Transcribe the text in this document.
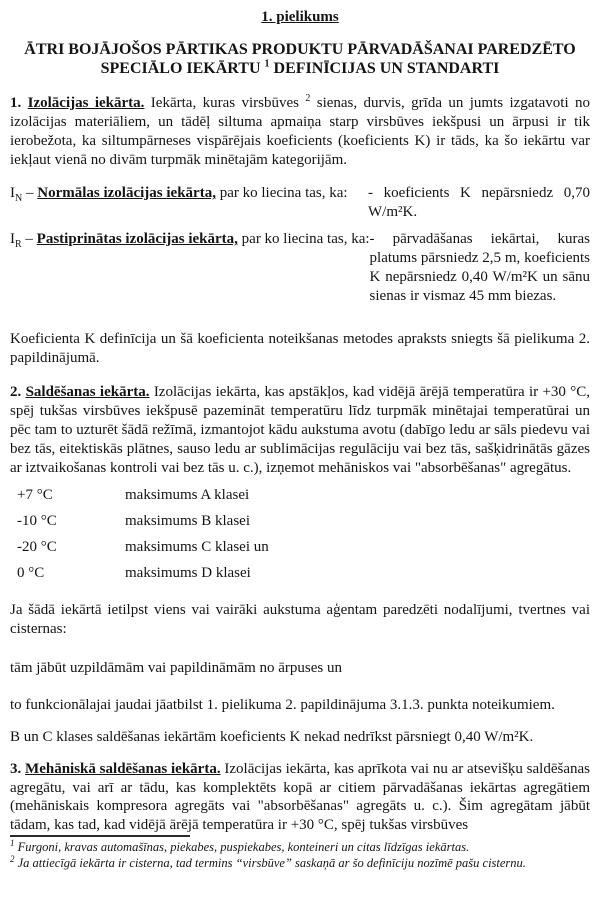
1. pielikums
ĀTRI BOJĀJOŠOS PĀRTIKAS PRODUKTU PĀRVADĀŠANAI PAREDZĒTO
SPECIĀLO IEKĀRTU $^1$ DEFINĪCIJAS UN STANDARTI

1. Izolācijas iekārta. Iekārta, kuras virsbūves $^2$ sienas, durvis, grīda un jumts izgatavoti no izolācijas materiāliem, un tādēļ siltuma apmaiņa starp virsbūves iekšpusi un ārpusi ir tik ierobežota, ka siltumpārneses vispārējais koeficients (koeficients K) ir tāds, ka šo iekārtu var iekļaut vienā no divām turpmāk minētajām kategorijām.

$I_N$ – Normālas izolācijas iekārta, par ko liecina tas, ka:	- koeficients K nepārsniedz 0,70 W/m²K.
$I_R$ – Pastiprinātas izolācijas iekārta, par ko liecina tas, ka: - pārvadāšanas iekārtai, kuras platums pārsniedz 2,5 m, koeficients K nepārsniedz 0,40 W/m²K un sānu sienas ir vismaz 45 mm biezas.

Koeficienta K definīcija un šā koeficienta noteikšanas metodes apraksts sniegts šā pielikuma 2. papildinājumā.

2. Saldēšanas iekārta. Izolācijas iekārta, kas apstākļos, kad vidējā ārējā temperatūra ir +30 °C, spēj tukšas virsbūves iekšpusē pazemināt temperatūru līdz turpmāk minētajai temperatūrai un pēc tam to uzturēt šādā režīmā, izmantojot kādu aukstuma avotu (dabīgo ledu ar sāls piedevu vai bez tās, eitektiskās plātnes, sauso ledu ar sublimācijas regulāciju vai bez tās, sašķidrinātās gāzes ar iztvaikošanas kontroli vai bez tās u. c.), izņemot mehāniskos vai "absorbēšanas" agregātus.

+7 °C	maksimums A klasei
-10 °C	maksimums B klasei
-20 °C	maksimums C klasei un
0 °C	maksimums D klasei

Ja šādā iekārtā ietilpst viens vai vairāki aukstuma aģentam paredzēti nodalījumi, tvertnes vai cisternas:

tām jābūt uzpildāmām vai papildināmām no ārpuses un

to funkcionālajai jaudai jāatbilst 1. pielikuma 2. papildinājuma 3.1.3. punkta noteikumiem.

B un C klases saldēšanas iekārtām koeficients K nekad nedrīkst pārsniegt 0,40 W/m²K.

3. Mehāniskā saldēšanas iekārta. Izolācijas iekārta, kas aprīkota vai nu ar atsevišķu saldēšanas agregātu, vai arī ar tādu, kas komplektēts kopā ar citiem pārvadāšanas iekārtas agregātiem (mehāniskais kompresora agregāts vai "absorbēšanas" agregāts u. c.). Šim agregātam jābūt tādam, kas tad, kad vidējā ārējā temperatūra ir +30 °C, spēj tukšas virsbūves

$^1$ Furgoni, kravas automašīnas, piekabes, puspiekabes, konteineri un citas līdzīgas iekārtas.

$^2$ Ja attiecīgā iekārta ir cisterna, tad termins “virsbūve” saskaņā ar šo definīciju nozīmē pašu cisternu.
